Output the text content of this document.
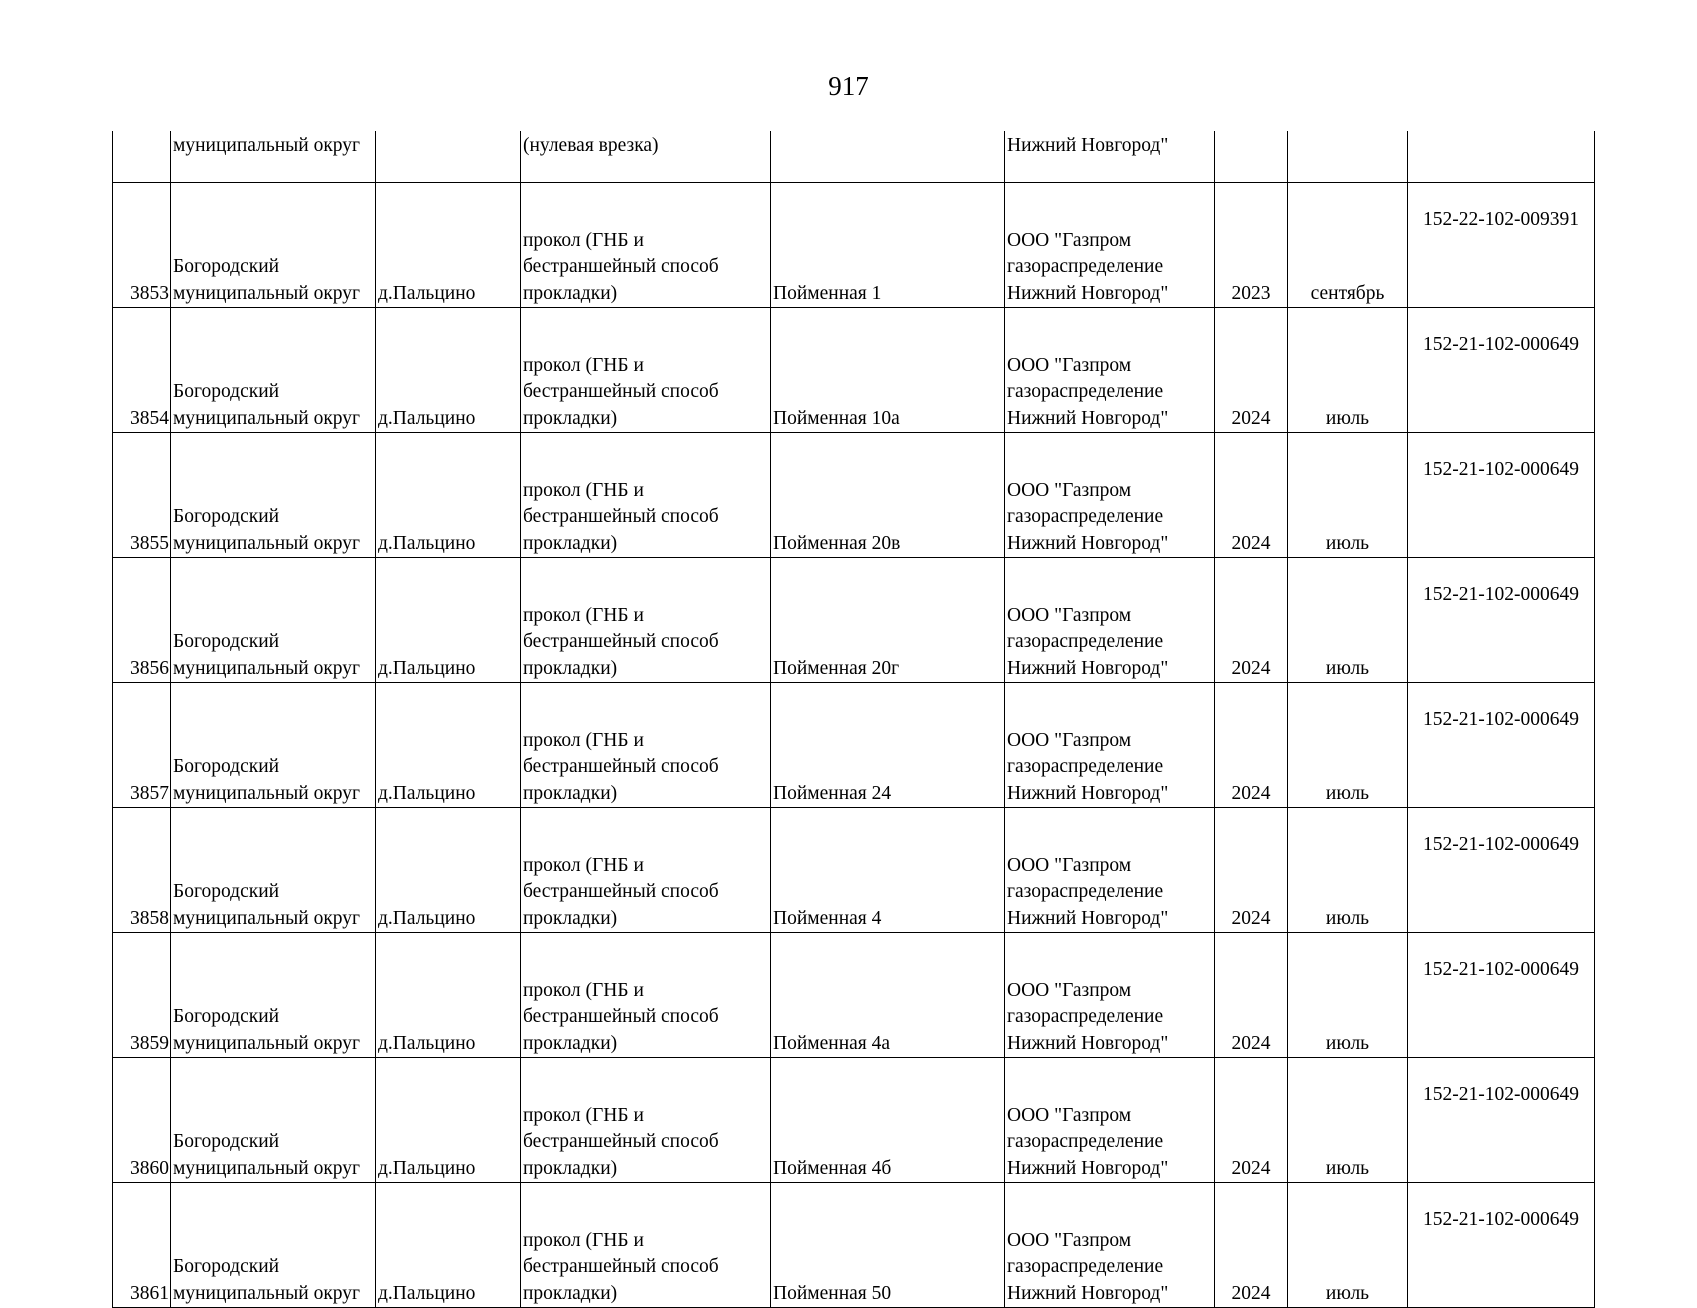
917
	муниципальный округ		(нулевая врезка)		Нижний Новгород"			
3853	Богородский
муниципальный округ	д.Пальцино	прокол (ГНБ и
бестраншейный способ
прокладки)	Пойменная 1	ООО "Газпром
газораспределение
Нижний Новгород"	2023	сентябрь	152-22-102-009391
3854	Богородский
муниципальный округ	д.Пальцино	прокол (ГНБ и
бестраншейный способ
прокладки)	Пойменная 10а	ООО "Газпром
газораспределение
Нижний Новгород"	2024	июль	152-21-102-000649
3855	Богородский
муниципальный округ	д.Пальцино	прокол (ГНБ и
бестраншейный способ
прокладки)	Пойменная 20в	ООО "Газпром
газораспределение
Нижний Новгород"	2024	июль	152-21-102-000649
3856	Богородский
муниципальный округ	д.Пальцино	прокол (ГНБ и
бестраншейный способ
прокладки)	Пойменная 20г	ООО "Газпром
газораспределение
Нижний Новгород"	2024	июль	152-21-102-000649
3857	Богородский
муниципальный округ	д.Пальцино	прокол (ГНБ и
бестраншейный способ
прокладки)	Пойменная 24	ООО "Газпром
газораспределение
Нижний Новгород"	2024	июль	152-21-102-000649
3858	Богородский
муниципальный округ	д.Пальцино	прокол (ГНБ и
бестраншейный способ
прокладки)	Пойменная 4	ООО "Газпром
газораспределение
Нижний Новгород"	2024	июль	152-21-102-000649
3859	Богородский
муниципальный округ	д.Пальцино	прокол (ГНБ и
бестраншейный способ
прокладки)	Пойменная 4а	ООО "Газпром
газораспределение
Нижний Новгород"	2024	июль	152-21-102-000649
3860	Богородский
муниципальный округ	д.Пальцино	прокол (ГНБ и
бестраншейный способ
прокладки)	Пойменная 4б	ООО "Газпром
газораспределение
Нижний Новгород"	2024	июль	152-21-102-000649
3861	Богородский
муниципальный округ	д.Пальцино	прокол (ГНБ и
бестраншейный способ
прокладки)	Пойменная 50	ООО "Газпром
газораспределение
Нижний Новгород"	2024	июль	152-21-102-000649
